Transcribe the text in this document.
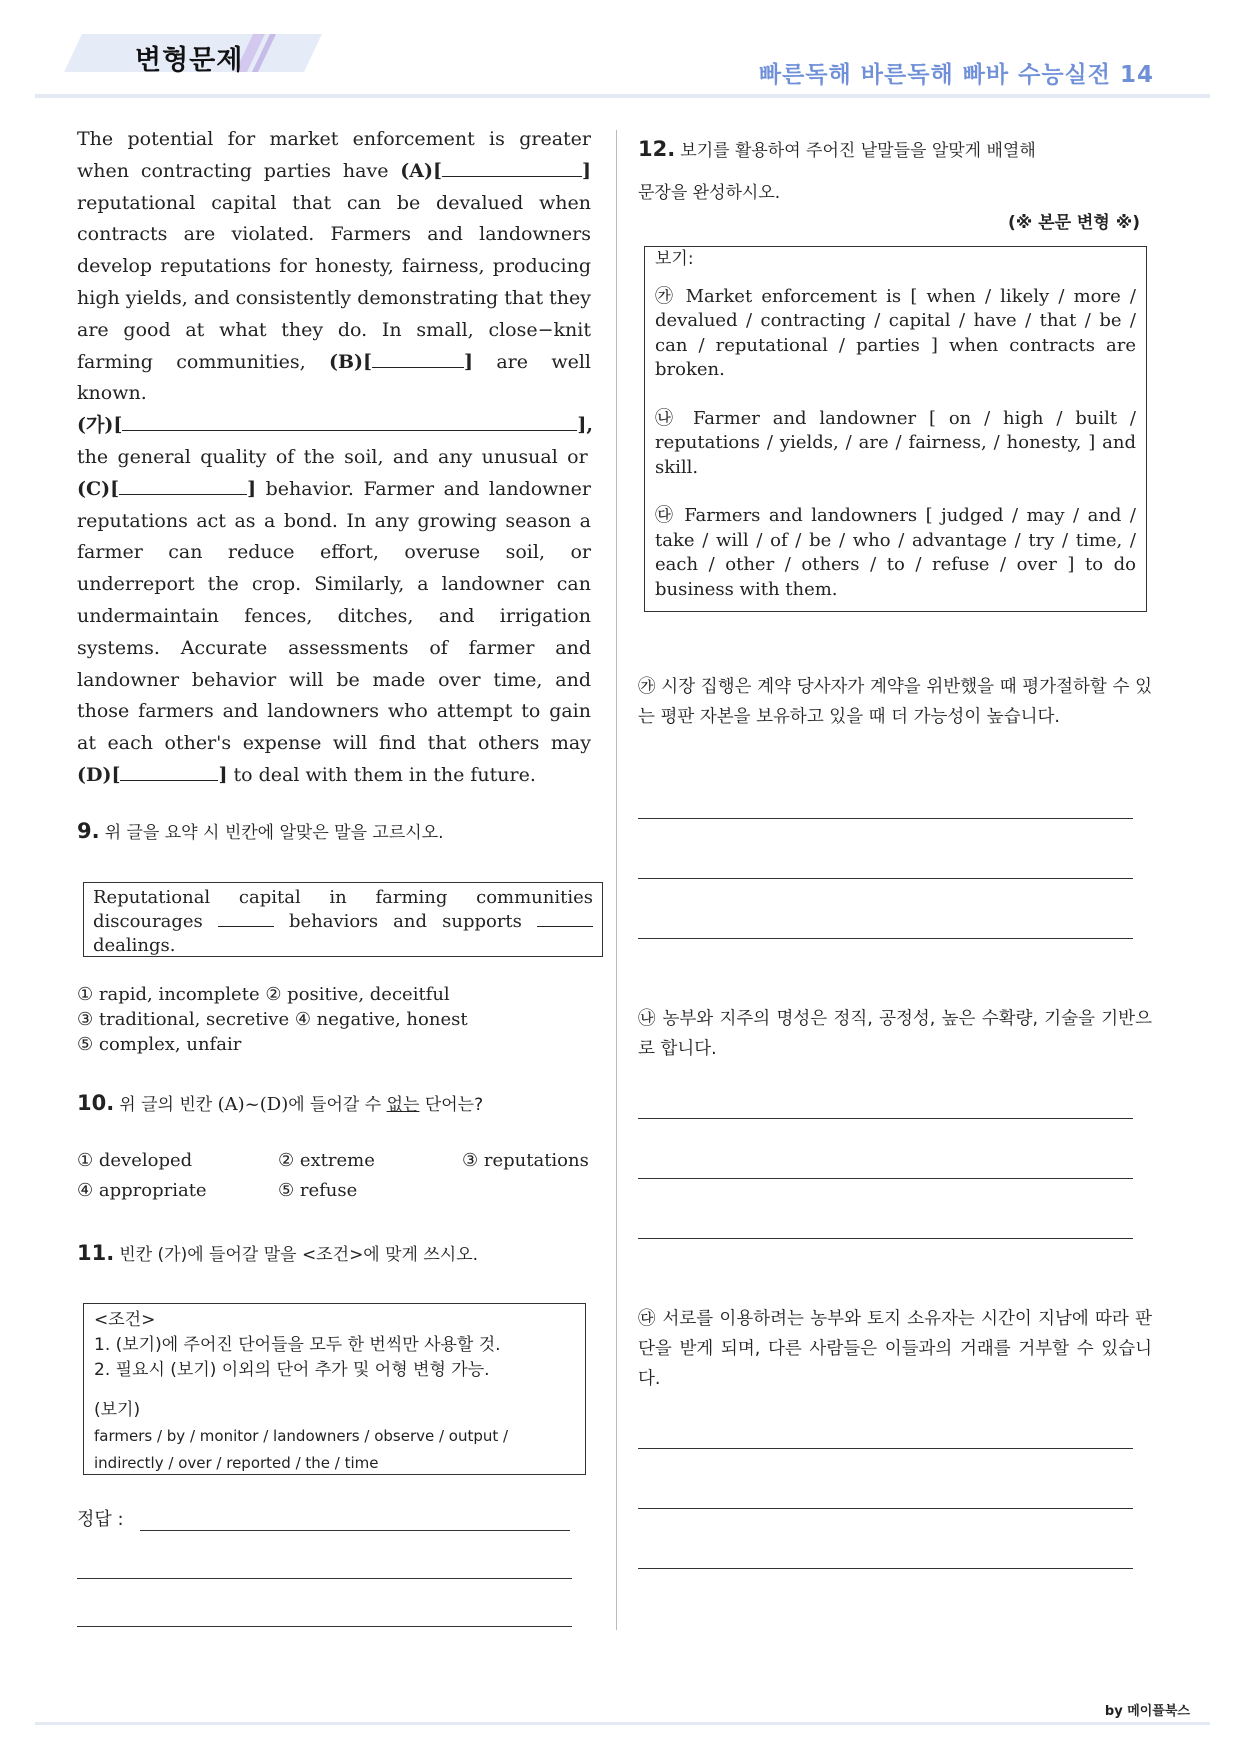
변형문제	빠른독해 바른독해 빠바 수능실전 14
The potential for market enforcement is greater when contracting parties have (A)[	] reputational capital that can be devalued when contracts are violated. Farmers and landowners develop reputations for honesty, fairness, producing high yields, and consistently demonstrating that they are good at what they do. In small, close−knit farming communities, (B)[	] are well known. (가)[	], the general quality of the soil, and any unusual or (C)[	] behavior. Farmer and landowner reputations act as a bond. In any growing season a farmer can reduce effort, overuse soil, or underreport the crop. Similarly, a landowner can undermaintain fences, ditches, and irrigation systems. Accurate assessments of farmer and landowner behavior will be made over time, and those farmers and landowners who attempt to gain at each other's expense will find that others may (D)[	] to deal with them in the future.
9. 위 글을 요약 시 빈칸에 알맞은 말을 고르시오.
Reputational capital in farming communities discourages	behaviors and supports  dealings.
① rapid, incomplete ② positive, deceitful
③ traditional, secretive ④ negative, honest
⑤ complex, unfair
10. 위 글의 빈칸 (A)~(D)에 들어갈 수 없는 단어는?
① developed	② extreme	③ reputations
④ appropriate	⑤ refuse
11. 빈칸 (가)에 들어갈 말을 <조건>에 맞게 쓰시오.
<조건>
1. (보기)에 주어진 단어들을 모두 한 번씩만 사용할 것.
2. 필요시 (보기) 이외의 단어 추가 및 어형 변형 가능.
(보기)
farmers / by / monitor / landowners / observe / output / indirectly / over / reported / the / time
정답 :
12. 보기를 활용하여 주어진 낱말들을 알맞게 배열해
문장을 완성하시오.
(※ 본문 변형 ※)

보기:

㉮ Market enforcement is [ when / likely / more / devalued / contracting / capital / have / that / be / can / reputational / parties ] when contracts are broken.

㉯ Farmer and landowner [ on / high / built / reputations / yields, / are / fairness, / honesty, ] and skill.

㉰ Farmers and landowners [ judged / may / and / take / will / of / be / who / advantage / try / time, / each / other / others / to / refuse / over ] to do business with them.

㉮ 시장 집행은 계약 당사자가 계약을 위반했을 때 평가절하할 수 있는 평판 자본을 보유하고 있을 때 더 가능성이 높습니다.
㉯ 농부와 지주의 명성은 정직, 공정성, 높은 수확량, 기술을 기반으로 합니다.
㉰ 서로를 이용하려는 농부와 토지 소유자는 시간이 지남에 따라 판단을 받게 되며, 다른 사람들은 이들과의 거래를 거부할 수 있습니다.
by 메이플북스
